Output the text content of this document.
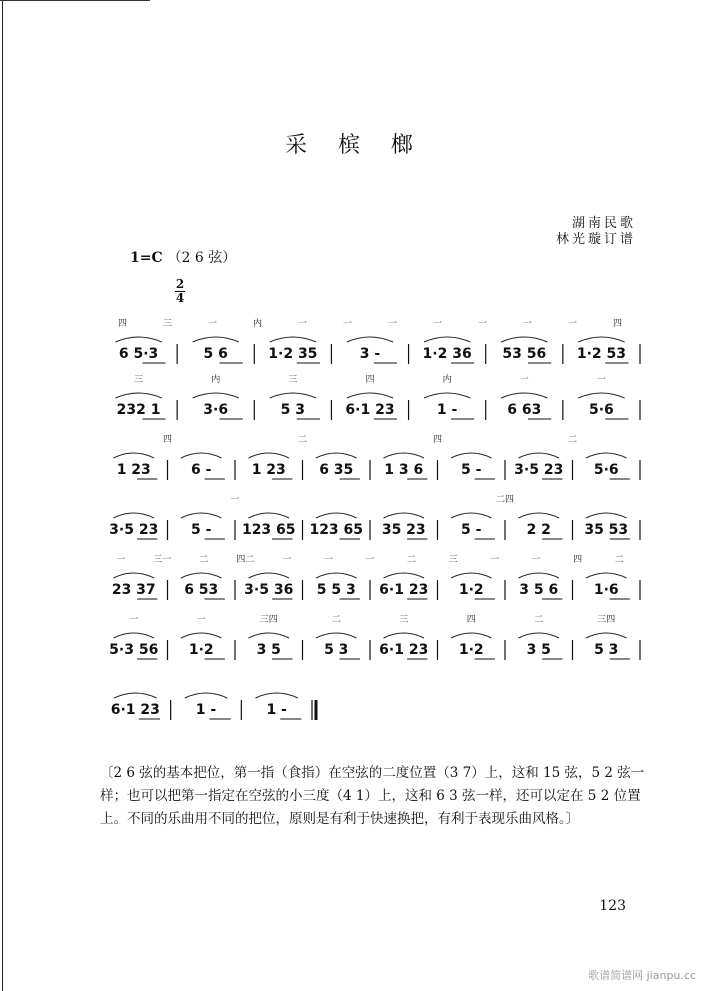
采 槟 榔
湖南民歌
林光璇订谱
1=C （2 6 弦）
2
4
四	三	一	内	一	一	一	一	一	一	一	四
6 5·3	5 6	1·2 35	3 -	1·2 36	53 56	1·2 53
三	内	三	四	内	一	一
232 1	3·6	5 3	6·1 23	1 -	6 63	5·6
四	二	四	二
1 23	6 -	1 23	6 35	1 3 6	5 -	3·5 23	5·6
一	二四
3·5 23	5 -	123 65 123 65	35 23	5 -	2 2	35 53
一	三一	二	四二	一	一	一	二	三	一	一	四	二
23 37	6 53	3·5 36	5 5 3	6·1 23	1·2	3 5 6	1·6
一	一	三四	二	三	四	二	三四
5·3 56	1·2	3 5	5 3	6·1 23	1·2	3 5	5 3
6·1 23	1 -	1 -
〔2 6 弦的基本把位，第一指（食指）在空弦的二度位置（3 7）上，这和 15 弦，5 2 弦一样；也可以把第一指定在空弦的小三度（4 1）上，这和 6 3 弦一样，还可以定在 5 2 位置上。不同的乐曲用不同的把位，原则是有利于快速换把，有利于表现乐曲风格。〕
123
歌谱简谱网 jianpu.cc
